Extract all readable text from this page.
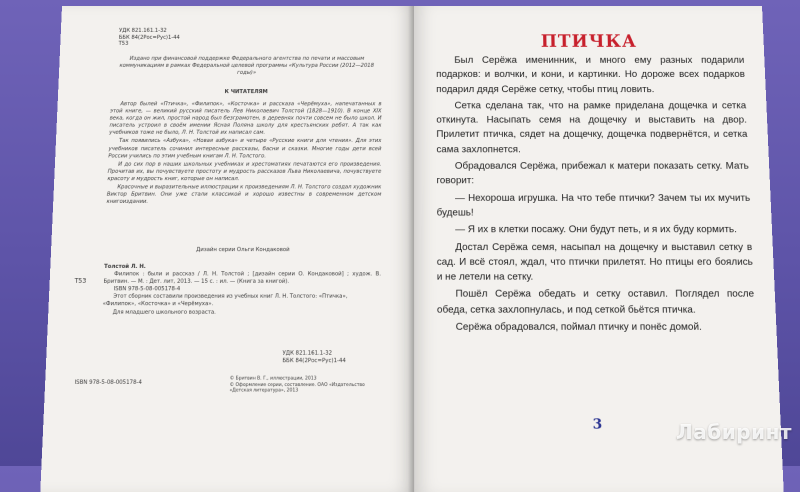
УДК 821.161.1-32
ББК 84(2Рос=Рус)1-44
Т53
Издано при финансовой поддержке Федерального агентства по печати и массовым коммуникациям в рамках Федеральной целевой программы «Культура России (2012—2018 годы)»
К ЧИТАТЕЛЯМ
Автор былей «Птичка», «Филипок», «Косточка» и рассказа «Черёмуха», напечатанных в этой книге, — великий русский писатель Лев Николаевич Толстой (1828—1910). В конце XIX века, когда он жил, простой народ был безграмотен, в деревнях почти совсем не было школ. И писатель устроил в своём имении Ясная Поляна школу для крестьянских ребят. А так как учебников тоже не было, Л. Н. Толстой их написал сам.
Так появились «Азбука», «Новая азбука» и четыре «Русские книги для чтения». Для этих учебников писатель сочинил интересные рассказы, басни и сказки. Многие годы дети всей России учились по этим учебным книгам Л. Н. Толстого.
И до сих пор в наших школьных учебниках и хрестоматиях печатаются его произведения. Прочитав их, вы почувствуете простоту и мудрость рассказов Льва Николаевича, почувствуете красоту и мудрость книг, которые он написал.
Красочные и выразительные иллюстрации к произведениям Л. Н. Толстого создал художник Виктор Бритвин. Они уже стали классикой и хорошо известны в современном детском книгоиздании.
Дизайн серии Ольги Кондаковой
Т53
Толстой Л. Н.
Филипок : были и рассказ / Л. Н. Толстой ; [дизайн серии О. Кондаковой] ; худож. В. Бритвин. — М. : Дет. лит, 2013. — 15 с. : ил. — (Книга за книгой).
ISBN 978-5-08-005178-4
Этот сборник составили произведения из учебных книг Л. Н. Толстого: «Птичка», «Филипок», «Косточка» и «Черёмуха».
Для младшего школьного возраста.
УДК 821.161.1-32
ББК 84(2Рос=Рус)1-44
ISBN 978-5-08-005178-4
© Бритвин В. Г., иллюстрации, 2013
© Оформление серии, составление. ОАО «Издательство «Детская литература», 2013
ПТИЧКА

Был Серёжа именинник, и много ему разных подарили подарков: и волчки, и кони, и картинки. Но дороже всех подарков подарил дядя Серёже сетку, чтобы птиц ловить.

Сетка сделана так, что на рамке приделана дощечка и сетка откинута. Насыпать семя на дощечку и выставить на двор. Прилетит птичка, сядет на дощечку, дощечка подвернётся, и сетка сама захлопнется.

Обрадовался Серёжа, прибежал к матери показать сетку. Мать говорит:

— Нехороша игрушка. На что тебе птички? Зачем ты их мучить будешь!

— Я их в клетки посажу. Они будут петь, и я их буду кормить.

Достал Серёжа семя, насыпал на дощечку и выставил сетку в сад. И всё стоял, ждал, что птички прилетят. Но птицы его боялись и не летели на сетку.

Пошёл Серёжа обедать и сетку оставил. Поглядел после обеда, сетка захлопнулась, и под сеткой бьётся птичка.

Серёжа обрадовался, поймал птичку и понёс домой.

3	Лабиринт
